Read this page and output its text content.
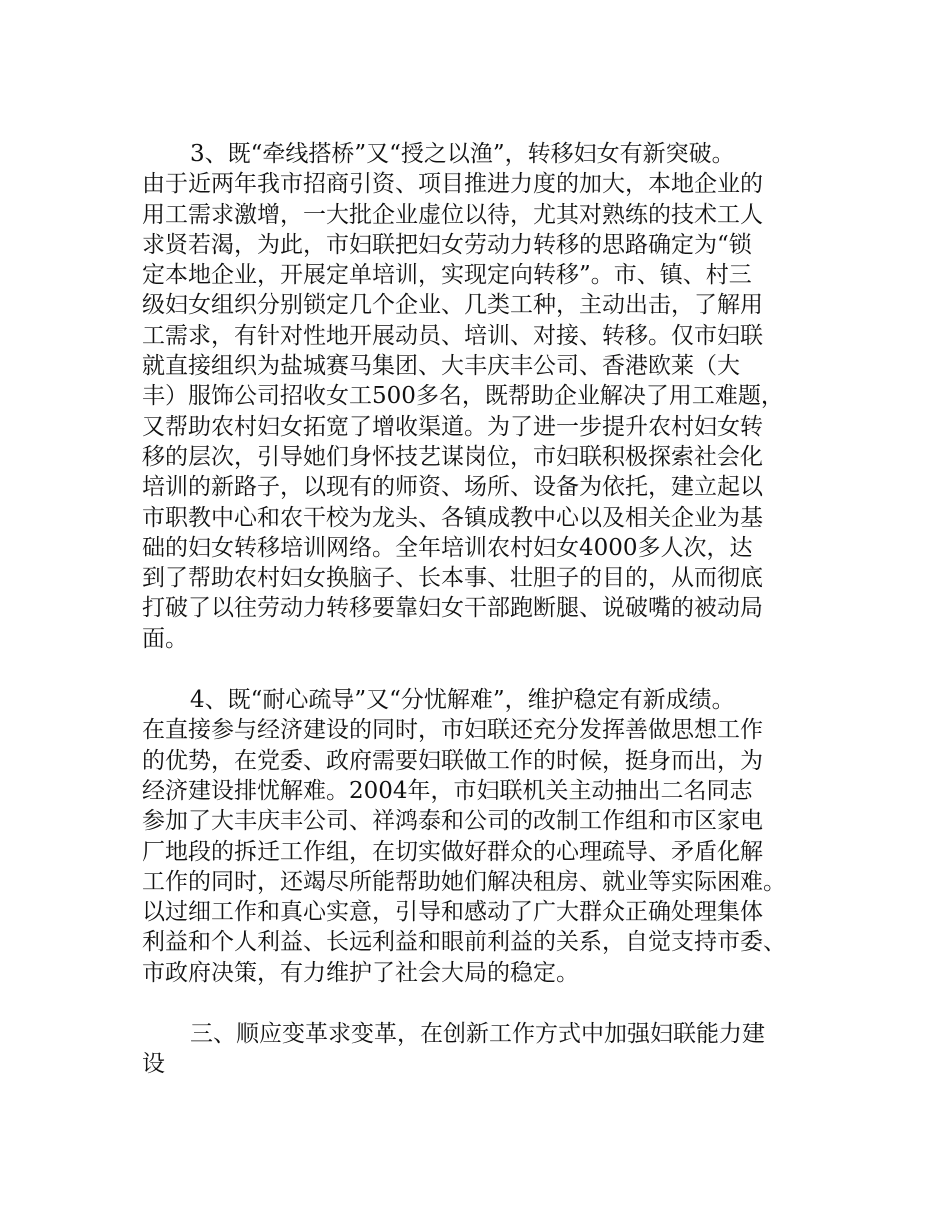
3、既“牵线搭桥”又“授之以渔”，转移妇女有新突破。
由于近两年我市招商引资、项目推进力度的加大，本地企业的
用工需求激增，一大批企业虚位以待，尤其对熟练的技术工人
求贤若渴，为此，市妇联把妇女劳动力转移的思路确定为“锁
定本地企业，开展定单培训，实现定向转移”。市、镇、村三
级妇女组织分别锁定几个企业、几类工种，主动出击，了解用
工需求，有针对性地开展动员、培训、对接、转移。仅市妇联
就直接组织为盐城赛马集团、大丰庆丰公司、香港欧莱（大
丰）服饰公司招收女工500多名，既帮助企业解决了用工难题，
又帮助农村妇女拓宽了增收渠道。为了进一步提升农村妇女转
移的层次，引导她们身怀技艺谋岗位，市妇联积极探索社会化
培训的新路子，以现有的师资、场所、设备为依托，建立起以
市职教中心和农干校为龙头、各镇成教中心以及相关企业为基
础的妇女转移培训网络。全年培训农村妇女4000多人次，达
到了帮助农村妇女换脑子、长本事、壮胆子的目的，从而彻底
打破了以往劳动力转移要靠妇女干部跑断腿、说破嘴的被动局
面。
4、既“耐心疏导”又“分忧解难”，维护稳定有新成绩。
在直接参与经济建设的同时，市妇联还充分发挥善做思想工作
的优势，在党委、政府需要妇联做工作的时候，挺身而出，为
经济建设排忧解难。2004年，市妇联机关主动抽出二名同志
参加了大丰庆丰公司、祥鸿泰和公司的改制工作组和市区家电
厂地段的拆迁工作组，在切实做好群众的心理疏导、矛盾化解
工作的同时，还竭尽所能帮助她们解决租房、就业等实际困难。
以过细工作和真心实意，引导和感动了广大群众正确处理集体
利益和个人利益、长远利益和眼前利益的关系，自觉支持市委、
市政府决策，有力维护了社会大局的稳定。
三、顺应变革求变革，在创新工作方式中加强妇联能力建
设
